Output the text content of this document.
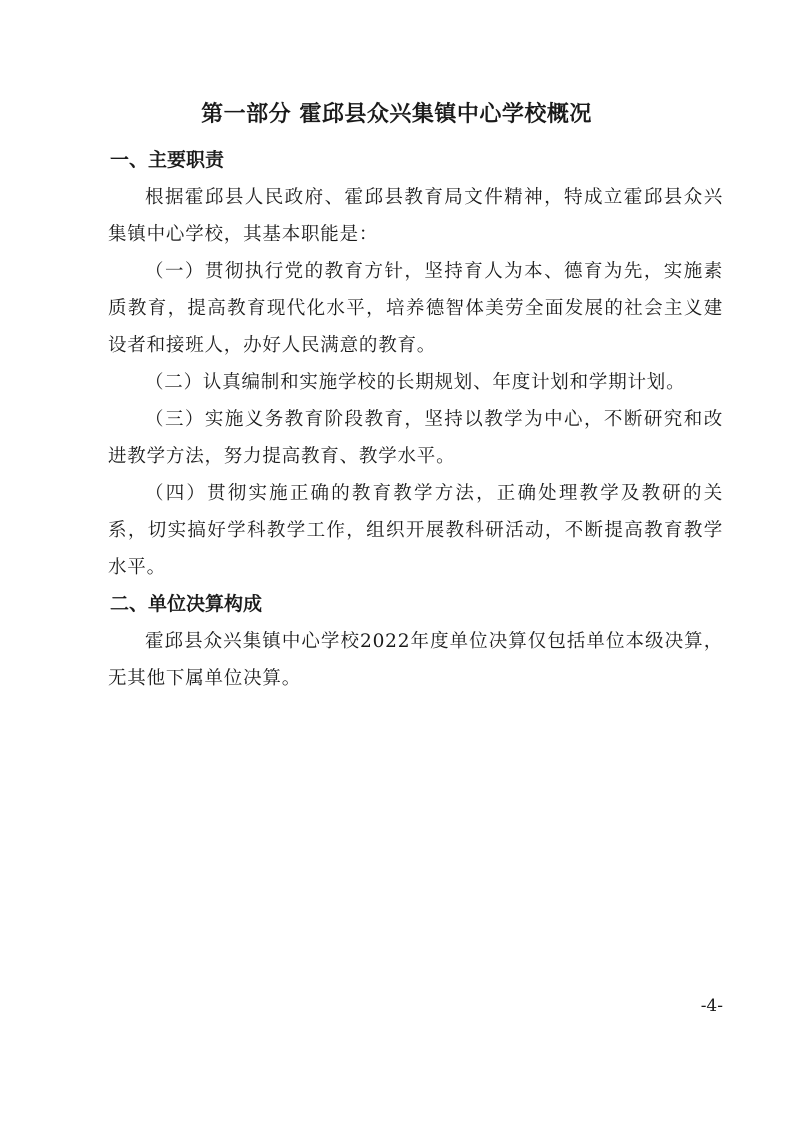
第一部分 霍邱县众兴集镇中心学校概况
一、主要职责

根据霍邱县人民政府、霍邱县教育局文件精神，特成立霍邱县众兴集镇中心学校，其基本职能是：

（一）贯彻执行党的教育方针，坚持育人为本、德育为先，实施素质教育，提高教育现代化水平，培养德智体美劳全面发展的社会主义建设者和接班人，办好人民满意的教育。

（二）认真编制和实施学校的长期规划、年度计划和学期计划。

（三）实施义务教育阶段教育，坚持以教学为中心，不断研究和改进教学方法，努力提高教育、教学水平。

（四）贯彻实施正确的教育教学方法，正确处理教学及教研的关系，切实搞好学科教学工作，组织开展教科研活动，不断提高教育教学水平。

二、单位决算构成

霍邱县众兴集镇中心学校2022年度单位决算仅包括单位本级决算，无其他下属单位决算。

-4-
